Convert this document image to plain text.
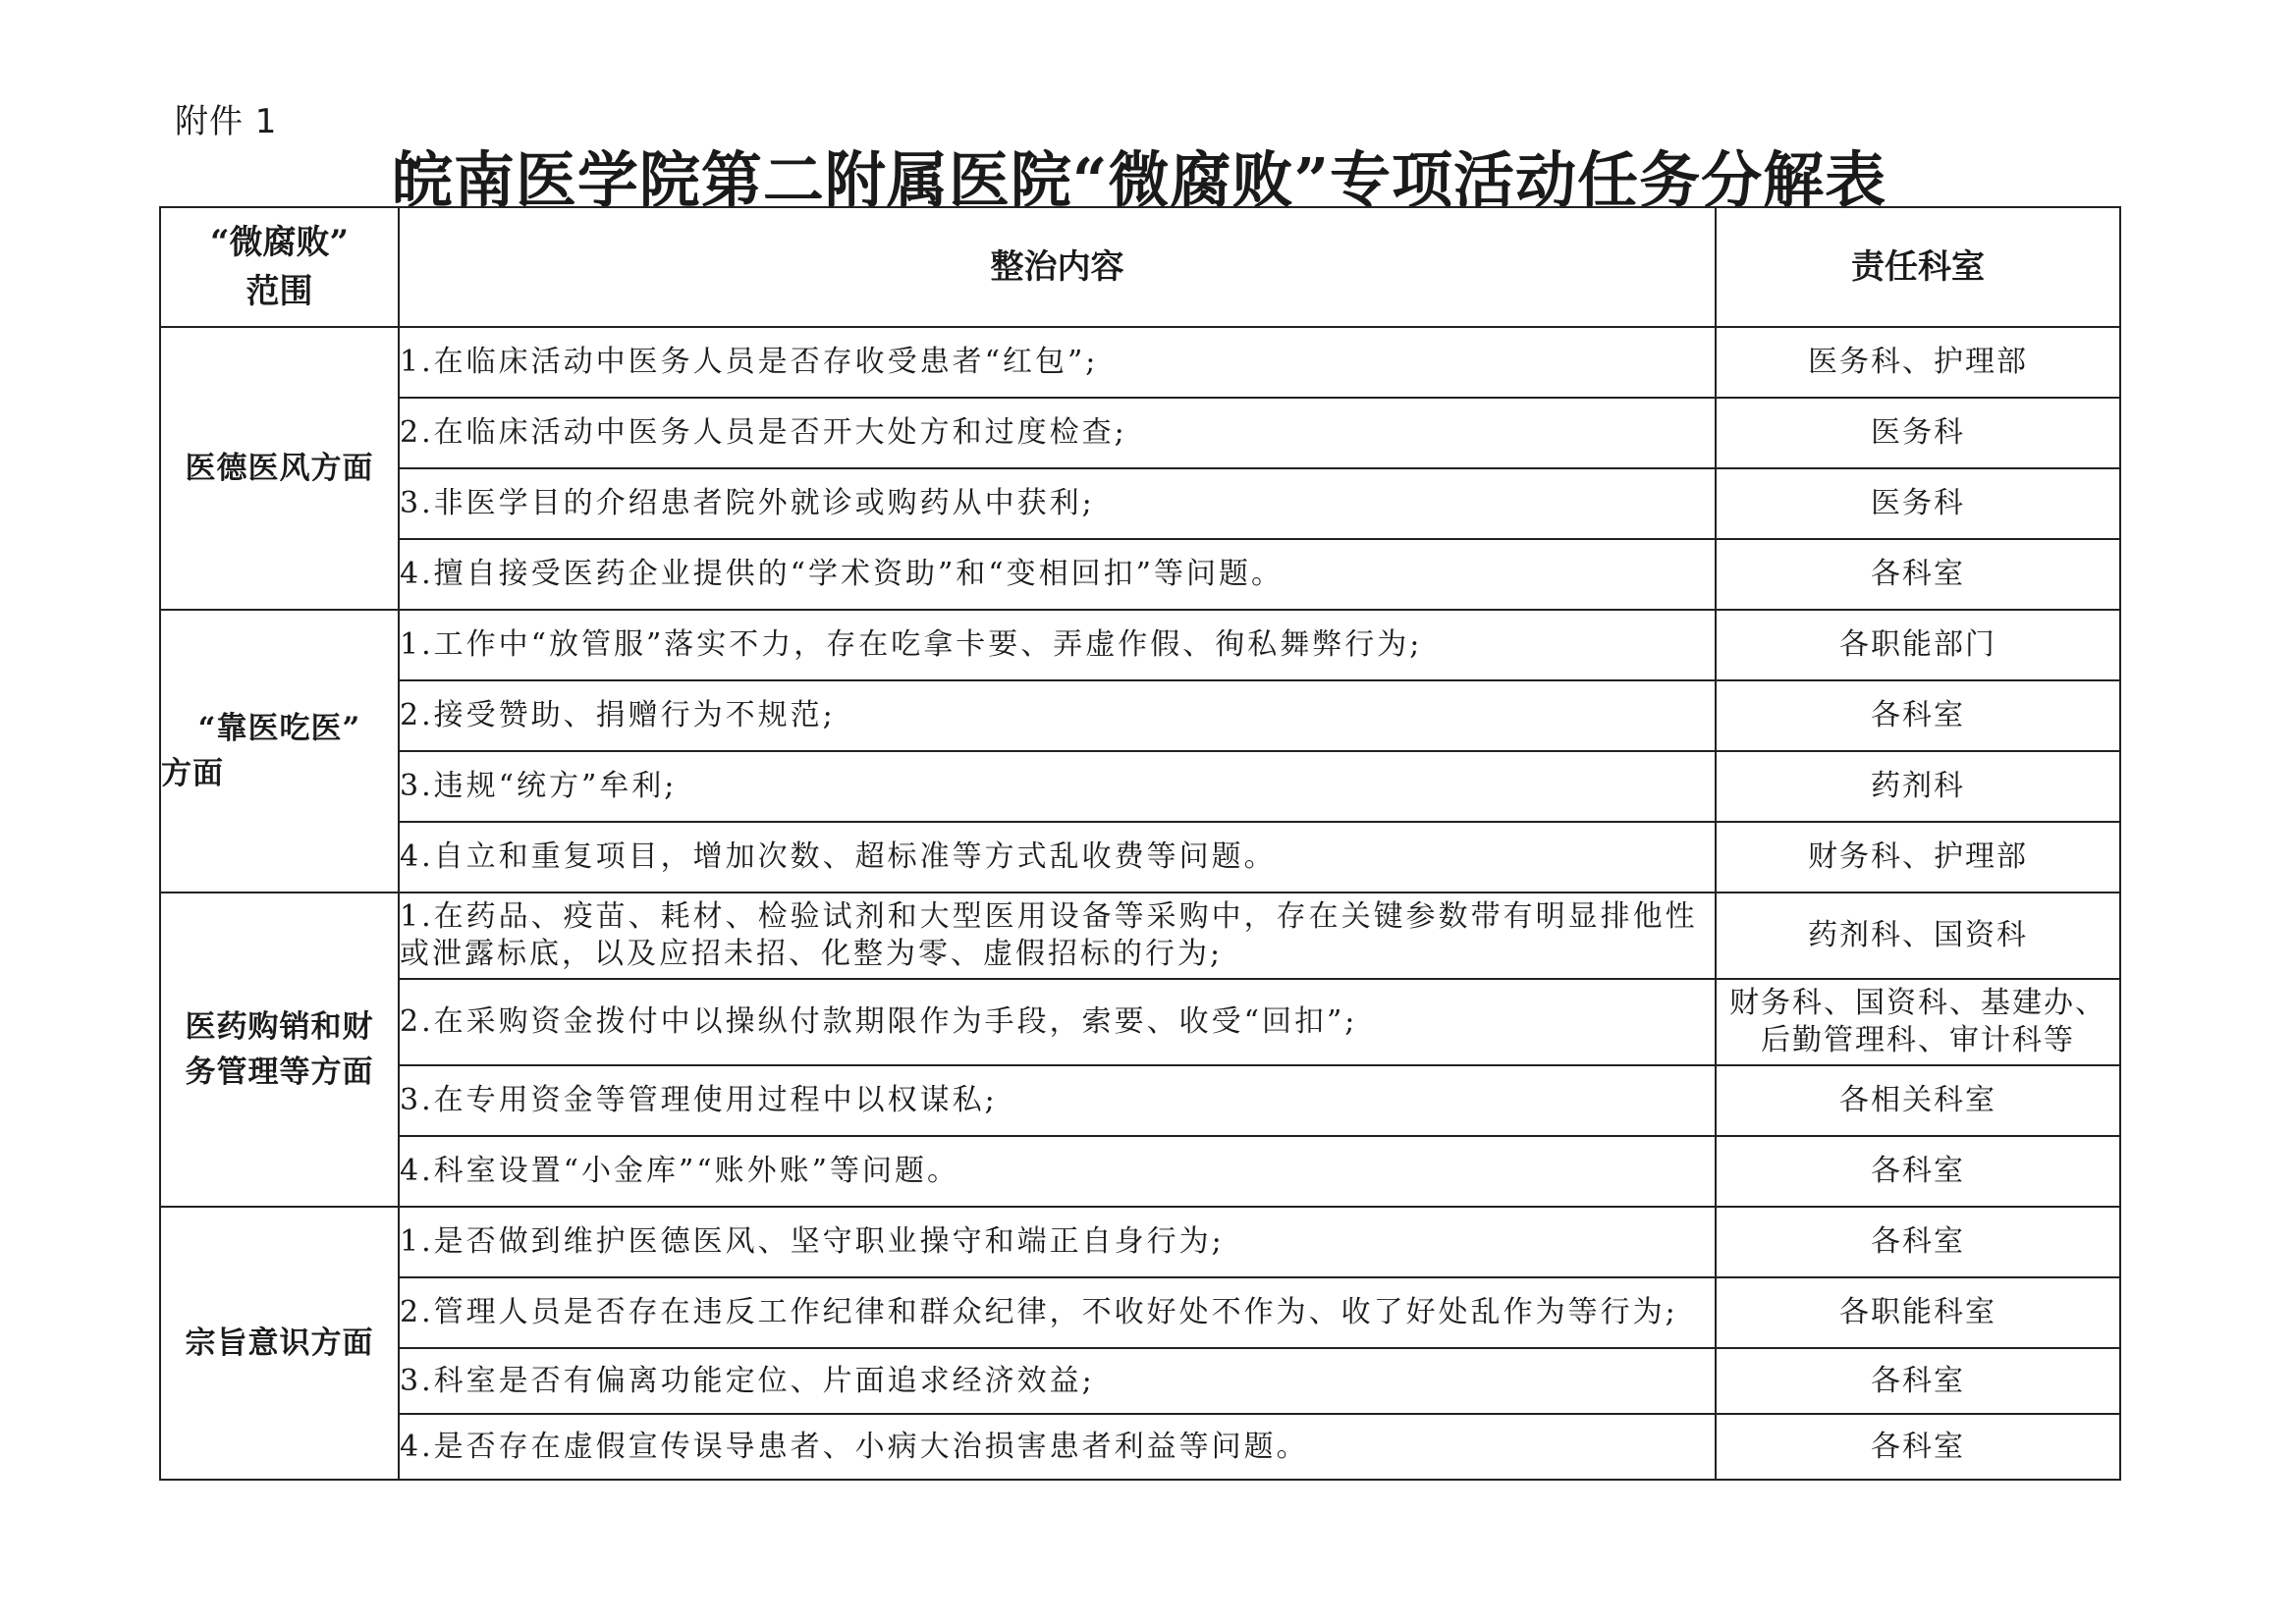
附件 1
皖南医学院第二附属医院“微腐败”专项活动任务分解表
“微腐败”
范围	整治内容	责任科室

医德医风方面	1.在临床活动中医务人员是否存收受患者“红包”;	医务科、护理部
	2.在临床活动中医务人员是否开大处方和过度检查;	医务科
	3.非医学目的介绍患者院外就诊或购药从中获利;	医务科
	4.擅自接受医药企业提供的“学术资助”和“变相回扣”等问题。	各科室

“靠医吃医”
方面	1.工作中“放管服”落实不力，存在吃拿卡要、弄虚作假、徇私舞弊行为;	各职能部门
	2.接受赞助、捐赠行为不规范;	各科室
	3.违规“统方”牟利;	药剂科
	4.自立和重复项目，增加次数、超标准等方式乱收费等问题。	财务科、护理部

医药购销和财
务管理等方面	1.在药品、疫苗、耗材、检验试剂和大型医用设备等采购中，存在关键参数带有明显排他性或泄露标底，以及应招未招、化整为零、虚假招标的行为;	药剂科、国资科
	2.在采购资金拨付中以操纵付款期限作为手段，索要、收受“回扣”;	财务科、国资科、基建办、后勤管理科、审计科等
	3.在专用资金等管理使用过程中以权谋私;	各相关科室
	4.科室设置“小金库”“账外账”等问题。	各科室

宗旨意识方面	1.是否做到维护医德医风、坚守职业操守和端正自身行为;	各科室
	2.管理人员是否存在违反工作纪律和群众纪律，不收好处不作为、收了好处乱作为等行为;	各职能科室
	3.科室是否有偏离功能定位、片面追求经济效益;	各科室
	4.是否存在虚假宣传误导患者、小病大治损害患者利益等问题。	各科室
